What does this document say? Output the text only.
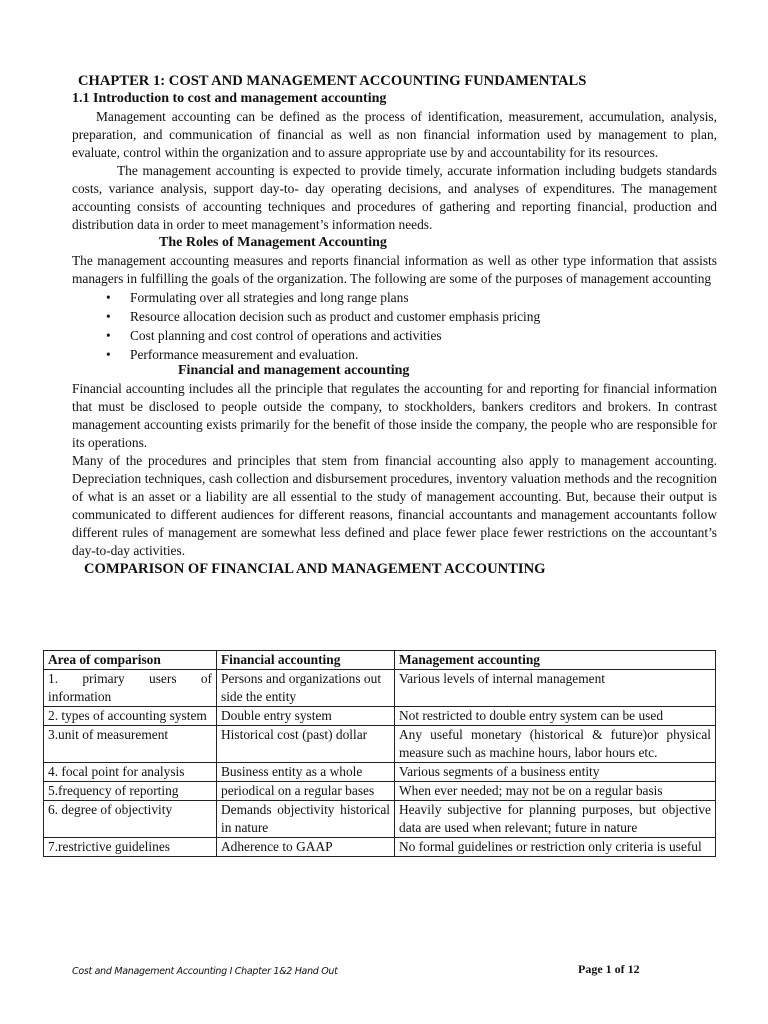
CHAPTER 1: COST AND MANAGEMENT ACCOUNTING FUNDAMENTALS
1.1 Introduction to cost and management accounting

Management accounting can be defined as the process of identification, measurement, accumulation, analysis, preparation, and communication of financial as well as non financial information used by management to plan, evaluate, control within the organization and to assure appropriate use by and accountability for its resources.

The management accounting is expected to provide timely, accurate information including budgets standards costs, variance analysis, support day-to- day operating decisions, and analyses of expenditures. The management accounting consists of accounting techniques and procedures of gathering and reporting financial, production and distribution data in order to meet management’s information needs.

The Roles of Management Accounting

The management accounting measures and reports financial information as well as other type information that assists managers in fulfilling the goals of the organization. The following are some of the purposes of management accounting

• Formulating over all strategies and long range plans
• Resource allocation decision such as product and customer emphasis pricing
• Cost planning and cost control of operations and activities
• Performance measurement and evaluation.
Financial and management accounting

Financial accounting includes all the principle that regulates the accounting for and reporting for financial information that must be disclosed to people outside the company, to stockholders, bankers creditors and brokers. In contrast management accounting exists primarily for the benefit of those inside the company, the people who are responsible for its operations.

Many of the procedures and principles that stem from financial accounting also apply to management accounting. Depreciation techniques, cash collection and disbursement procedures, inventory valuation methods and the recognition of what is an asset or a liability are all essential to the study of management accounting. But, because their output is communicated to different audiences for different reasons, financial accountants and management accountants follow different rules of management are somewhat less defined and place fewer place fewer restrictions on the accountant’s day-to-day activities.

COMPARISON OF FINANCIAL AND MANAGEMENT ACCOUNTING
Area of comparison	Financial accounting	Management accounting
1. primary users of information	Persons and organizations out side the entity	Various levels of internal management
2. types of accounting system	Double entry system	Not restricted to double entry system can be used
3.unit of measurement	Historical cost (past) dollar	Any useful monetary (historical & future)or physical measure such as machine hours, labor hours etc.
4. focal point for analysis	Business entity as a whole	Various segments of a business entity
5.frequency of reporting	periodical on a regular bases	When ever needed; may not be on a regular basis
6. degree of objectivity	Demands objectivity historical in nature	Heavily subjective for planning purposes, but objective data are used when relevant; future in nature
7.restrictive guidelines	Adherence to GAAP	No formal guidelines or restriction only criteria is useful
Cost and Management Accounting I Chapter 1&2 Hand Out	Page 1 of 12
